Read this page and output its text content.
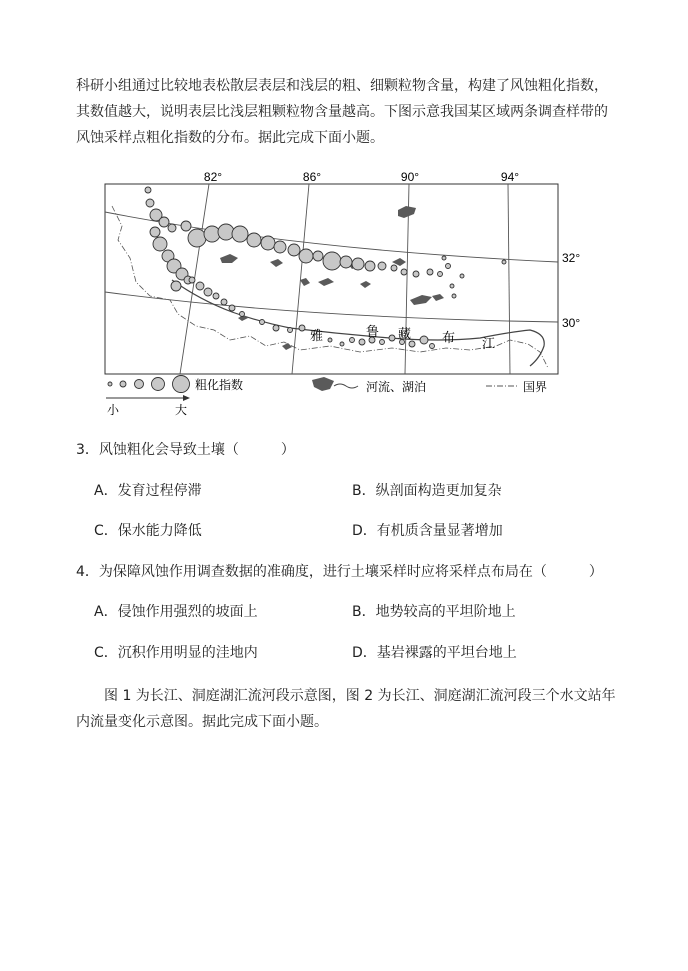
科研小组通过比较地表松散层表层和浅层的粗、细颗粒物含量，构建了风蚀粗化指数，
其数值越大，说明表层比浅层粗颗粒物含量越高。下图示意我国某区域两条调查样带的
风蚀采样点粗化指数的分布。据此完成下面小题。

82°	86°	90°	94°
32°
30°
雅	鲁 藏 布 江
粗化指数
小	大
河流、湖泊	国界
3．风蚀粗化会导致土壤（　　　）
A．发育过程停滞	B．纵剖面构造更加复杂
C．保水能力降低	D．有机质含量显著增加
4．为保障风蚀作用调查数据的准确度，进行土壤采样时应将采样点布局在（　　　）
A．侵蚀作用强烈的坡面上	B．地势较高的平坦阶地上
C．沉积作用明显的洼地内	D．基岩裸露的平坦台地上

图 1 为长江、洞庭湖汇流河段示意图，图 2 为长江、洞庭湖汇流河段三个水文站年内流量变化示意图。据此完成下面小题。
